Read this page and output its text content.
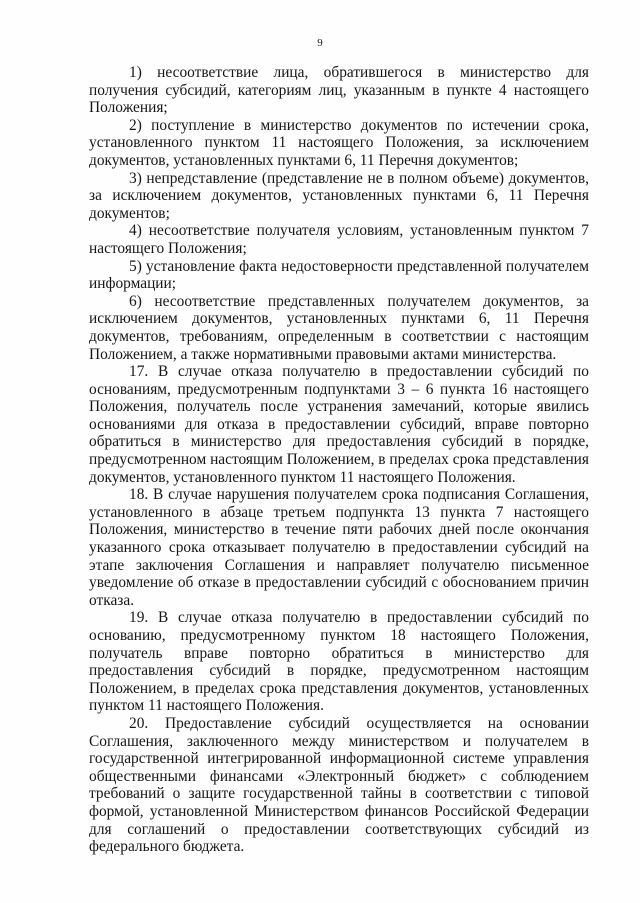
9

1) несоответствие лица, обратившегося в министерство для получения субсидий, категориям лиц, указанным в пункте 4 настоящего Положения;

2) поступление в министерство документов по истечении срока, установленного пунктом 11 настоящего Положения, за исключением документов, установленных пунктами 6, 11 Перечня документов;

3) непредставление (представление не в полном объеме) документов, за исключением документов, установленных пунктами 6, 11 Перечня документов;

4) несоответствие получателя условиям, установленным пунктом 7 настоящего Положения;

5) установление факта недостоверности представленной получателем информации;

6) несоответствие представленных получателем документов, за исключением документов, установленных пунктами 6, 11 Перечня документов, требованиям, определенным в соответствии с настоящим Положением, а также нормативными правовыми актами министерства.

17. В случае отказа получателю в предоставлении субсидий по основаниям, предусмотренным подпунктами 3 – 6 пункта 16 настоящего Положения, получатель после устранения замечаний, которые явились основаниями для отказа в предоставлении субсидий, вправе повторно обратиться в министерство для предоставления субсидий в порядке, предусмотренном настоящим Положением, в пределах срока представления документов, установленного пунктом 11 настоящего Положения.

18. В случае нарушения получателем срока подписания Соглашения, установленного в абзаце третьем подпункта 13 пункта 7 настоящего Положения, министерство в течение пяти рабочих дней после окончания указанного срока отказывает получателю в предоставлении субсидий на этапе заключения Соглашения и направляет получателю письменное уведомление об отказе в предоставлении субсидий с обоснованием причин отказа.

19. В случае отказа получателю в предоставлении субсидий по основанию, предусмотренному пунктом 18 настоящего Положения, получатель вправе повторно обратиться в министерство для предоставления субсидий в порядке, предусмотренном настоящим Положением, в пределах срока представления документов, установленных пунктом 11 настоящего Положения.

20. Предоставление субсидий осуществляется на основании Соглашения, заключенного между министерством и получателем в государственной интегрированной информационной системе управления общественными финансами «Электронный бюджет» с соблюдением требований о защите государственной тайны в соответствии с типовой формой, установленной Министерством финансов Российской Федерации для соглашений о предоставлении соответствующих субсидий из федерального бюджета.
